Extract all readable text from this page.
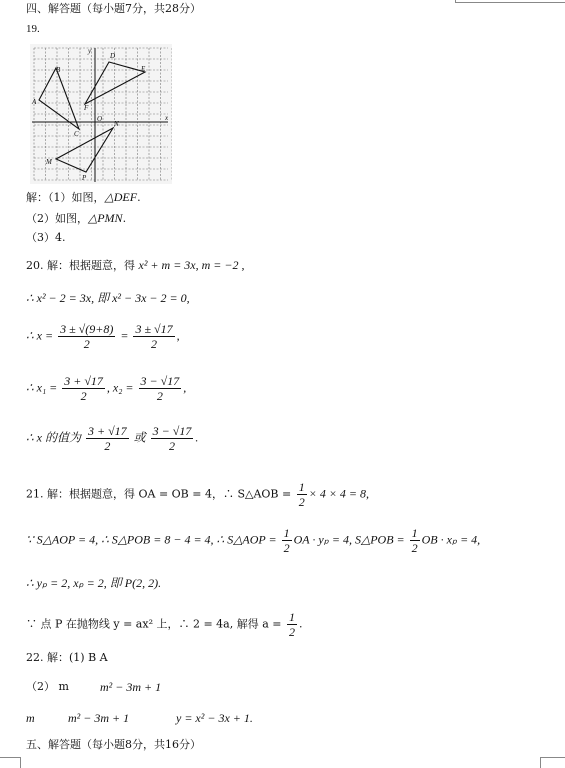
四、解答题（每小题7分，共28分）
19.
y
x
O
A
B
C
D
E
F
M
N
P
解：（1）如图，△DEF.
（2）如图，△PMN.
（3）4.
20. 解：根据题意，得 x² + m = 3x, m = −2 ,
∴ x² − 2 = 3x, 即 x² − 3x − 2 = 0,
∴ $x = \frac{3 \pm √(9+8)}{2} = \frac{3 \pm √17}{2}$ ,
∴ $x_1 = \frac{3 + √17}{2}$ , $x_2 = \frac{3 - √17}{2}$ ,
∴ x 的值为 $\frac{3 + √17}{2}$ 或 $\frac{3 - √17}{2}$ .
21. 解：根据题意，得 OA = OB = 4，∴ S△AOB = $\frac{1}{2} \times 4 \times 4 = 8$,
∵ S△AOP = 4, ∴ S△POB = 8 − 4 = 4, ∴ S△AOP = $\frac{1}{2}$ OA · yₚ = 4, S△POB = $\frac{1}{2}$ OB · xₚ = 4,
∴ yₚ = 2, xₚ = 2, 即 P(2, 2).
∵ 点 P 在抛物线 y = ax² 上，∴ 2 = 4a, 解得 $a = \frac{1}{2}$ .
22. 解：(1) B A
（2） m	m² − 3m + 1
m	m² − 3m + 1	y = x² − 3x + 1.
五、解答题（每小题8分，共16分）
